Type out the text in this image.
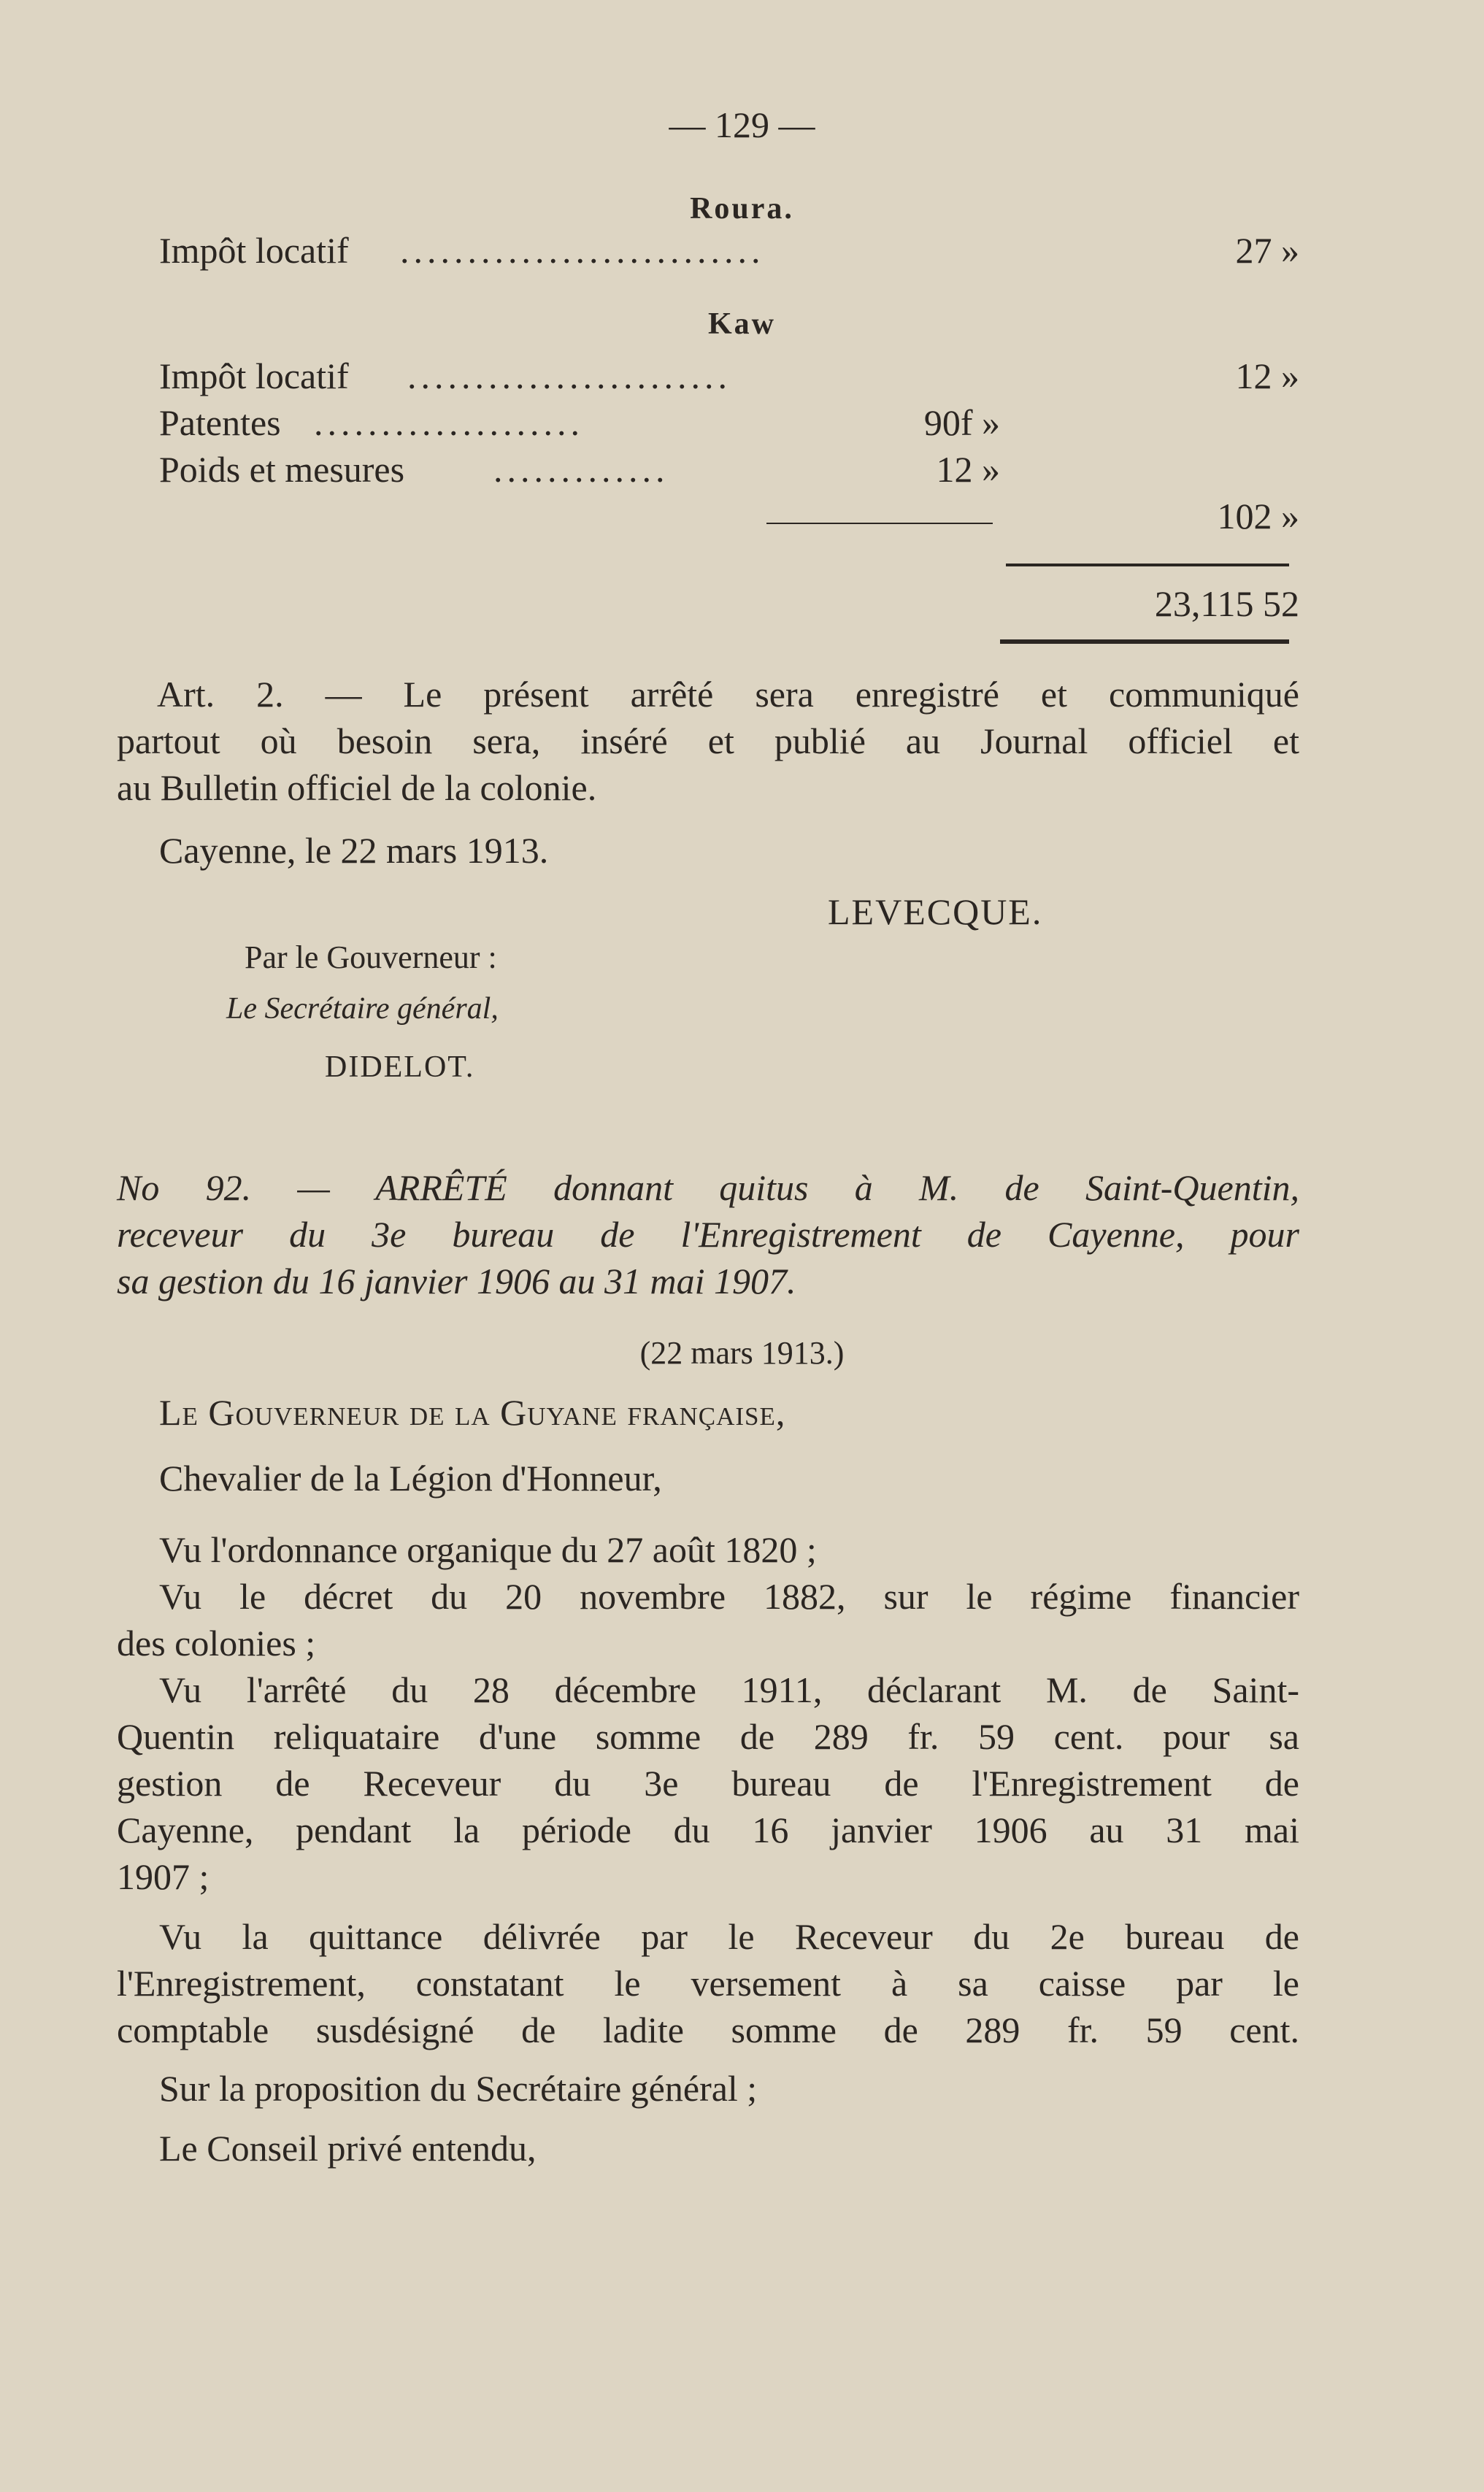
— 129 —
Roura.
Impôt locatif ...........................	27 »
Kaw
Impôt locatif ........................	12 »
Patentes ....................	90f »
Poids et mesures .............	12 »
102 »
23,115 52
Art. 2. — Le présent arrêté sera enregistré et communiqué
partout où besoin sera, inséré et publié au Journal officiel et
au Bulletin officiel de la colonie.
Cayenne, le 22 mars 1913.
LEVECQUE.
Par le Gouverneur :
Le Secrétaire général,
DIDELOT.
No 92. — ARRÊTÉ donnant quitus à M. de Saint-Quentin,
receveur du 3e bureau de l'Enregistrement de Cayenne, pour
sa gestion du 16 janvier 1906 au 31 mai 1907.
(22 mars 1913.)
Le Gouverneur de la Guyane française,
Chevalier de la Légion d'Honneur,
Vu l'ordonnance organique du 27 août 1820 ;
Vu le décret du 20 novembre 1882, sur le régime financier
des colonies ;
Vu l'arrêté du 28 décembre 1911, déclarant M. de Saint-
Quentin reliquataire d'une somme de 289 fr. 59 cent. pour sa
gestion de Receveur du 3e bureau de l'Enregistrement de
Cayenne, pendant la période du 16 janvier 1906 au 31 mai
1907 ;
Vu la quittance délivrée par le Receveur du 2e bureau de
l'Enregistrement, constatant le versement à sa caisse par le
comptable susdésigné de ladite somme de 289 fr. 59 cent.
Sur la proposition du Secrétaire général ;
Le Conseil privé entendu,
